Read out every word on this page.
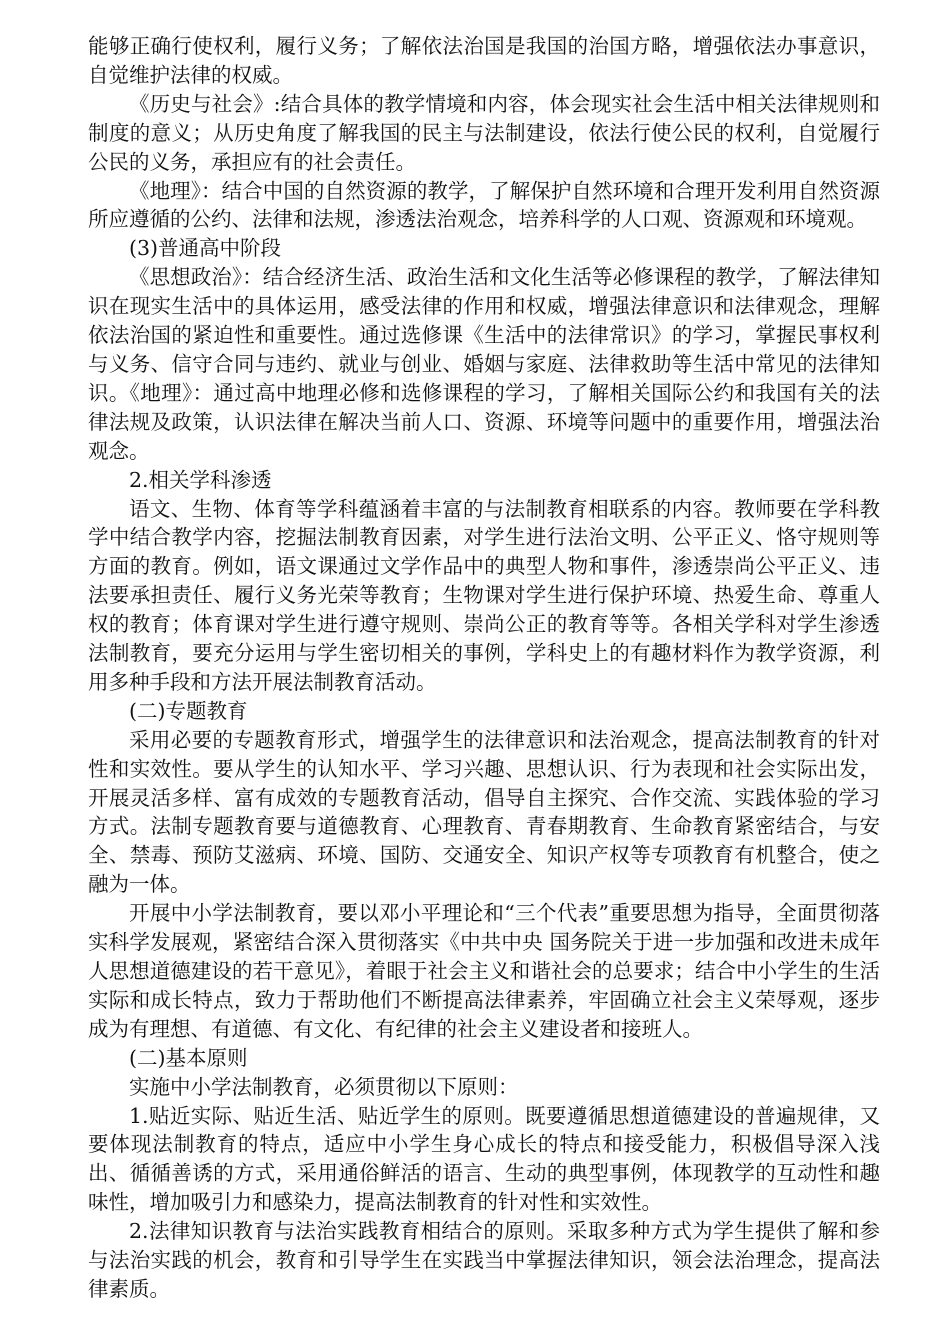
能够正确行使权利，履行义务；了解依法治国是我国的治国方略，增强依法办事意识，自觉维护法律的权威。

《历史与社会》:结合具体的教学情境和内容，体会现实社会生活中相关法律规则和制度的意义；从历史角度了解我国的民主与法制建设，依法行使公民的权利，自觉履行公民的义务，承担应有的社会责任。

《地理》：结合中国的自然资源的教学，了解保护自然环境和合理开发利用自然资源所应遵循的公约、法律和法规，渗透法治观念，培养科学的人口观、资源观和环境观。

(3)普通高中阶段

《思想政治》：结合经济生活、政治生活和文化生活等必修课程的教学，了解法律知识在现实生活中的具体运用，感受法律的作用和权威，增强法律意识和法律观念，理解依法治国的紧迫性和重要性。通过选修课《生活中的法律常识》的学习，掌握民事权利与义务、信守合同与违约、就业与创业、婚姻与家庭、法律救助等生活中常见的法律知识。《地理》：通过高中地理必修和选修课程的学习，了解相关国际公约和我国有关的法律法规及政策，认识法律在解决当前人口、资源、环境等问题中的重要作用，增强法治观念。

2.相关学科渗透

语文、生物、体育等学科蕴涵着丰富的与法制教育相联系的内容。教师要在学科教学中结合教学内容，挖掘法制教育因素，对学生进行法治文明、公平正义、恪守规则等方面的教育。例如，语文课通过文学作品中的典型人物和事件，渗透崇尚公平正义、违法要承担责任、履行义务光荣等教育；生物课对学生进行保护环境、热爱生命、尊重人权的教育；体育课对学生进行遵守规则、崇尚公正的教育等等。各相关学科对学生渗透法制教育，要充分运用与学生密切相关的事例，学科史上的有趣材料作为教学资源，利用多种手段和方法开展法制教育活动。

(二)专题教育

采用必要的专题教育形式，增强学生的法律意识和法治观念，提高法制教育的针对性和实效性。要从学生的认知水平、学习兴趣、思想认识、行为表现和社会实际出发，开展灵活多样、富有成效的专题教育活动，倡导自主探究、合作交流、实践体验的学习方式。法制专题教育要与道德教育、心理教育、青春期教育、生命教育紧密结合，与安全、禁毒、预防艾滋病、环境、国防、交通安全、知识产权等专项教育有机整合，使之融为一体。

开展中小学法制教育，要以邓小平理论和“三个代表”重要思想为指导，全面贯彻落实科学发展观，紧密结合深入贯彻落实《中共中央 国务院关于进一步加强和改进未成年人思想道德建设的若干意见》，着眼于社会主义和谐社会的总要求；结合中小学生的生活实际和成长特点，致力于帮助他们不断提高法律素养，牢固确立社会主义荣辱观，逐步成为有理想、有道德、有文化、有纪律的社会主义建设者和接班人。

(二)基本原则

实施中小学法制教育，必须贯彻以下原则：

1.贴近实际、贴近生活、贴近学生的原则。既要遵循思想道德建设的普遍规律，又要体现法制教育的特点，适应中小学生身心成长的特点和接受能力，积极倡导深入浅出、循循善诱的方式，采用通俗鲜活的语言、生动的典型事例，体现教学的互动性和趣味性，增加吸引力和感染力，提高法制教育的针对性和实效性。

2.法律知识教育与法治实践教育相结合的原则。采取多种方式为学生提供了解和参与法治实践的机会，教育和引导学生在实践当中掌握法律知识，领会法治理念，提高法律素质。
